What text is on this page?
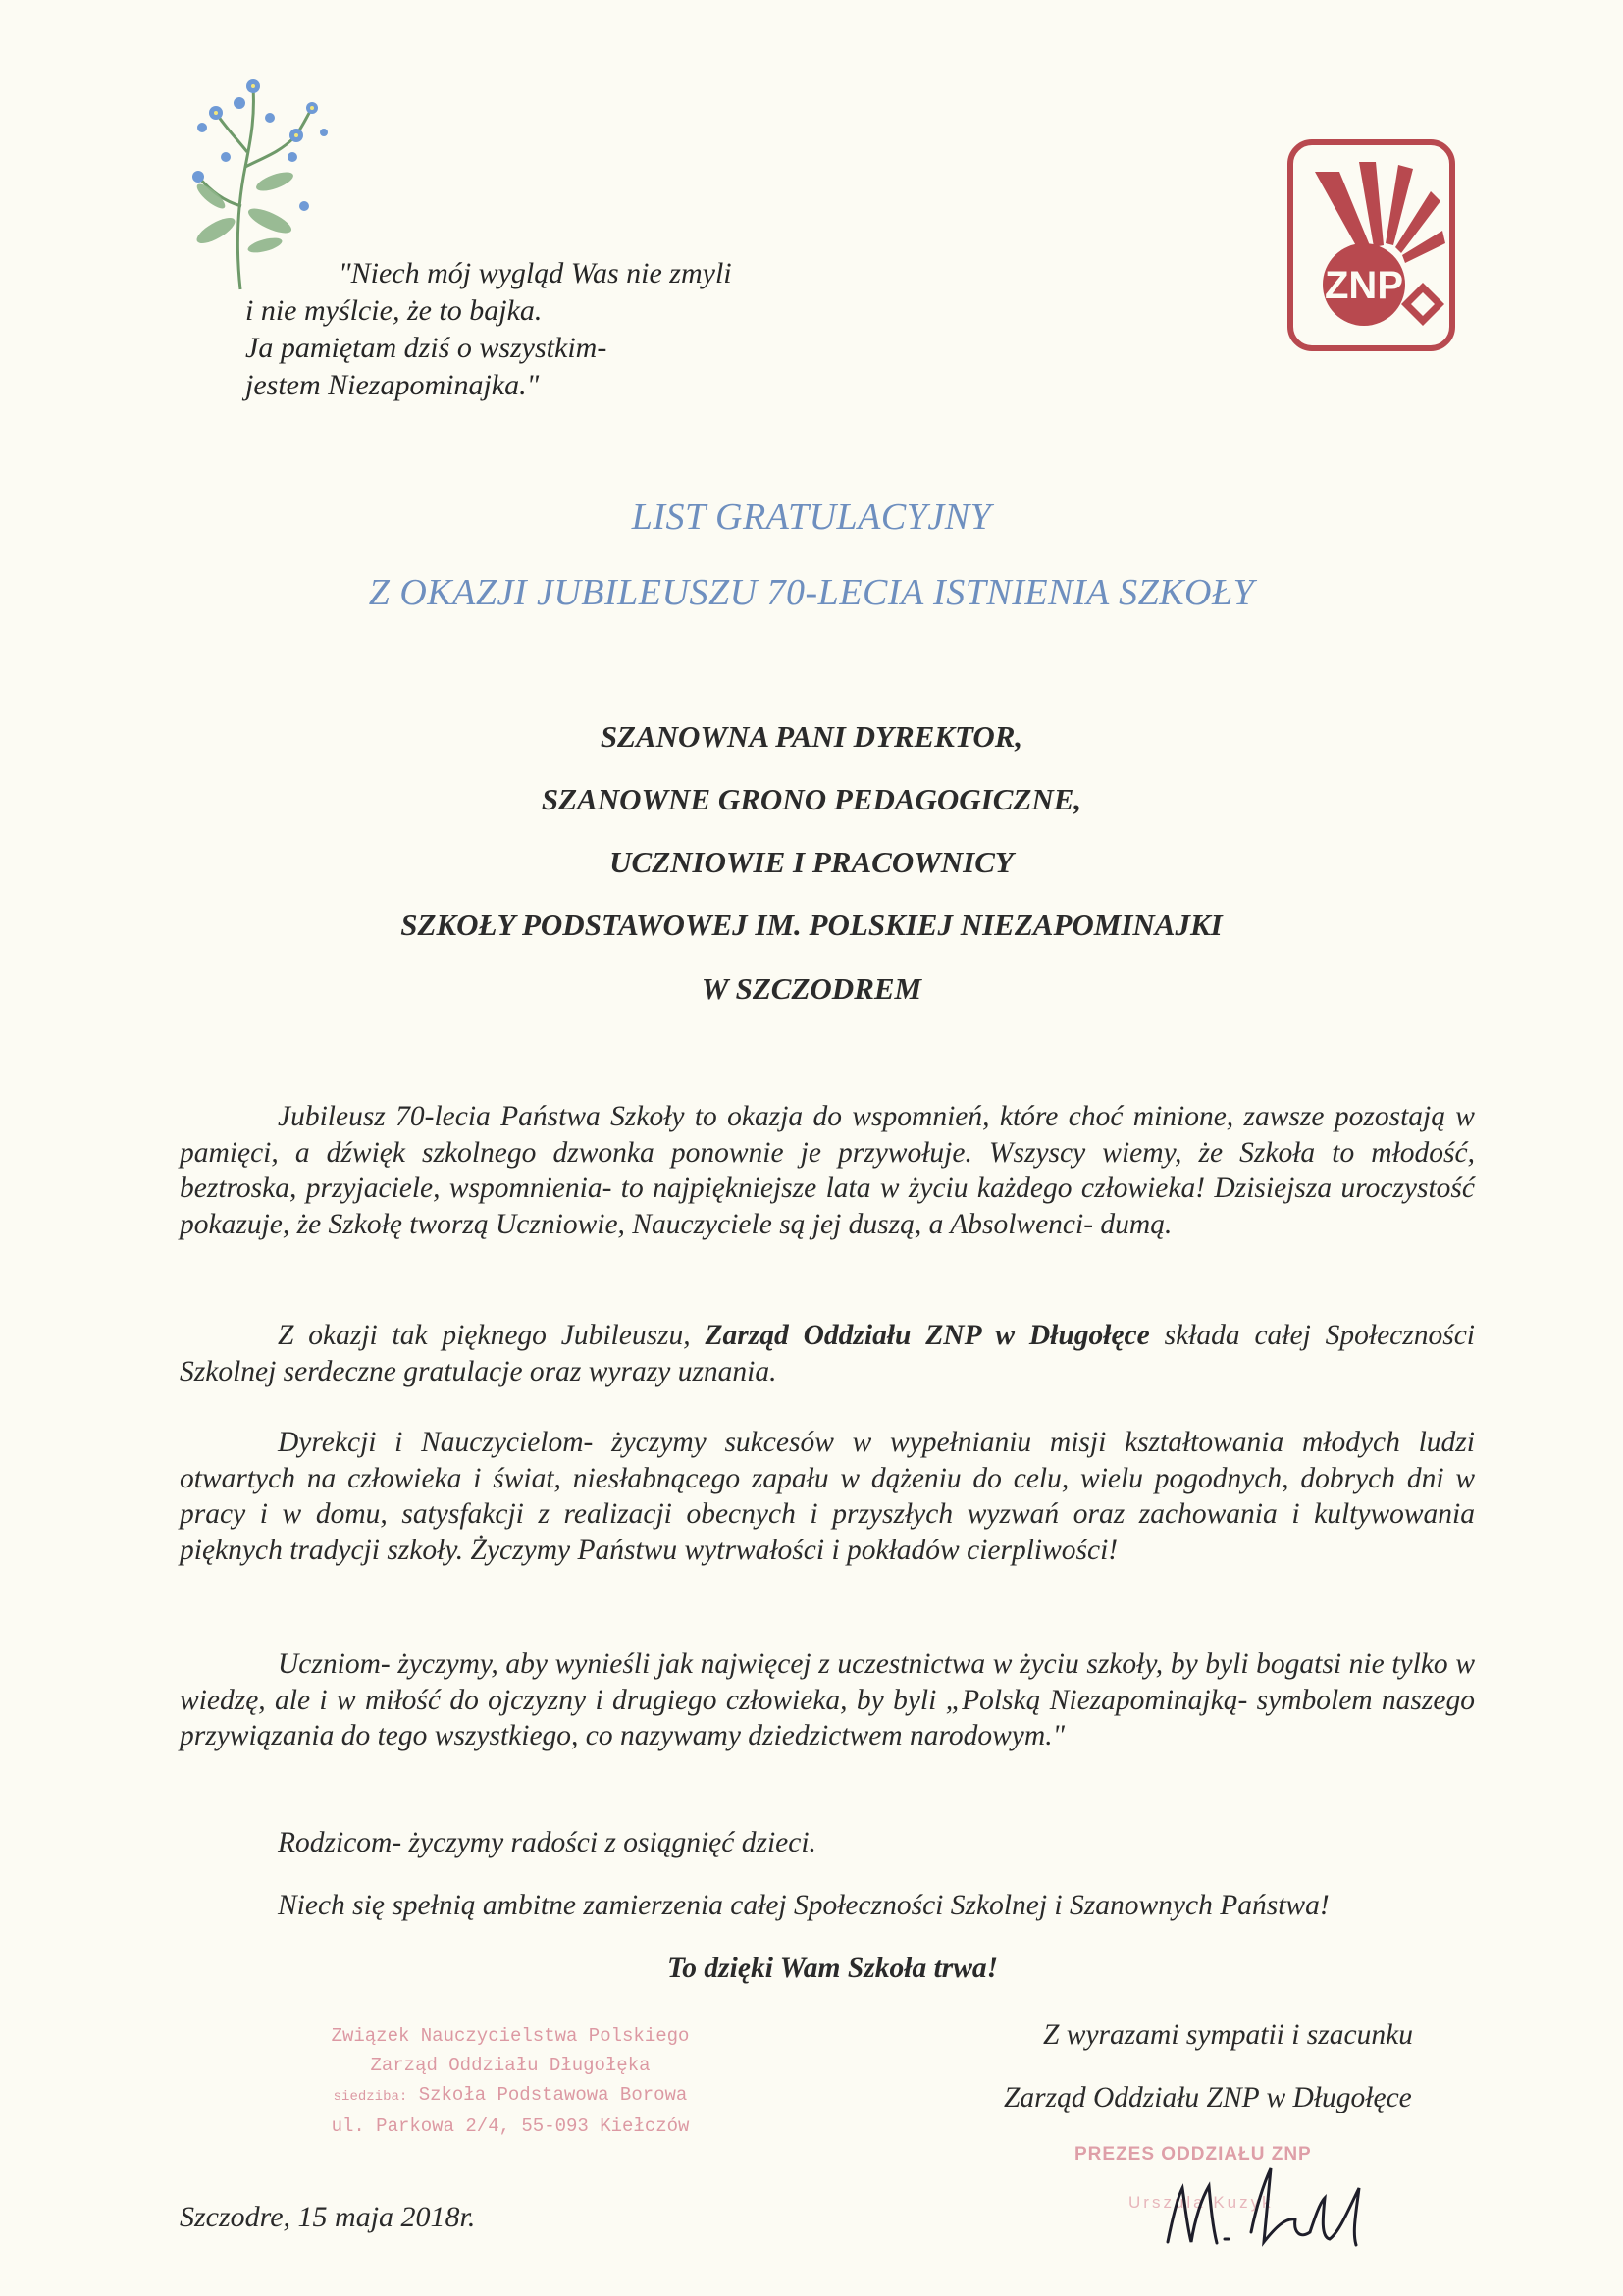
"Niech mój wygląd Was nie zmyli
i nie myślcie, że to bajka.
Ja pamiętam dziś o wszystkim-
jestem Niezapominajka."
ZNP
LIST GRATULACYJNY
Z OKAZJI JUBILEUSZU 70-LECIA ISTNIENIA SZKOŁY
SZANOWNA PANI DYREKTOR,
SZANOWNE GRONO PEDAGOGICZNE,
UCZNIOWIE I PRACOWNICY
SZKOŁY PODSTAWOWEJ IM. POLSKIEJ NIEZAPOMINAJKI
W SZCZODREM
Jubileusz 70-lecia Państwa Szkoły to okazja do wspomnień, które choć minione, zawsze pozostają w pamięci, a dźwięk szkolnego dzwonka ponownie je przywołuje. Wszyscy wiemy, że Szkoła to młodość, beztroska, przyjaciele, wspomnienia- to najpiękniejsze lata w życiu każdego człowieka! Dzisiejsza uroczystość pokazuje, że Szkołę tworzą Uczniowie, Nauczyciele są jej duszą, a Absolwenci- dumą.
Z okazji tak pięknego Jubileuszu, Zarząd Oddziału ZNP w Długołęce składa całej Społeczności Szkolnej serdeczne gratulacje oraz wyrazy uznania.
Dyrekcji i Nauczycielom- życzymy sukcesów w wypełnianiu misji kształtowania młodych ludzi otwartych na człowieka i świat, niesłabnącego zapału w dążeniu do celu, wielu pogodnych, dobrych dni w pracy i w domu, satysfakcji z realizacji obecnych i przyszłych wyzwań oraz zachowania i kultywowania pięknych tradycji szkoły. Życzymy Państwu wytrwałości i pokładów cierpliwości!
Uczniom- życzymy, aby wynieśli jak najwięcej z uczestnictwa w życiu szkoły, by byli bogatsi nie tylko w wiedzę, ale i w miłość do ojczyzny i drugiego człowieka, by byli „Polską Niezapominajką- symbolem naszego przywiązania do tego wszystkiego, co nazywamy dziedzictwem narodowym."
Rodzicom- życzymy radości z osiągnięć dzieci.
Niech się spełnią ambitne zamierzenia całej Społeczności Szkolnej i Szanownych Państwa!
To dzięki Wam Szkoła trwa!
Z wyrazami sympatii i szacunku
Zarząd Oddziału ZNP w Długołęce
Związek Nauczycielstwa Polskiego
Zarząd Oddziału Długołęka
siedziba: Szkoła Podstawowa Borowa
ul. Parkowa 2/4, 55-093 Kiełczów
PREZES ODDZIAŁU ZNP
Urszula Kuzyk
Szczodre, 15 maja 2018r.
